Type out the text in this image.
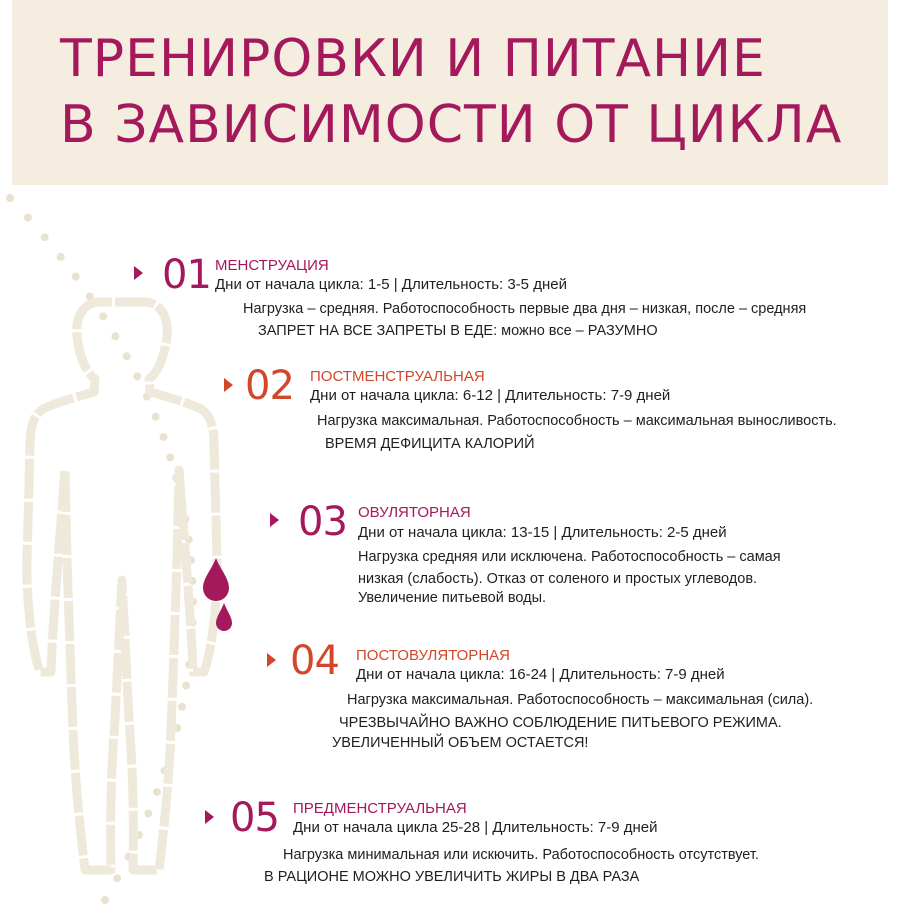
ТРЕНИРОВКИ И ПИТАНИЕ
В ЗАВИСИМОСТИ ОТ ЦИКЛА
01 МЕНСТРУАЦИЯ
Дни от начала цикла: 1-5 | Длительность: 3-5 дней
Нагрузка – средняя. Работоспособность первые два дня – низкая, после – средняя
ЗАПРЕТ НА ВСЕ ЗАПРЕТЫ В ЕДЕ: можно все – РАЗУМНО
02 ПОСТМЕНСТРУАЛЬНАЯ
Дни от начала цикла: 6-12 | Длительность: 7-9 дней
Нагрузка максимальная. Работоспособность – максимальная выносливость.
ВРЕМЯ ДЕФИЦИТА КАЛОРИЙ
03 ОВУЛЯТОРНАЯ
Дни от начала цикла: 13-15 | Длительность: 2-5 дней
Нагрузка средняя или исключена. Работоспособность – самая
низкая (слабость). Отказ от соленого и простых углеводов.
Увеличение питьевой воды.
04 ПОСТОВУЛЯТОРНАЯ
Дни от начала цикла: 16-24 | Длительность: 7-9 дней
Нагрузка максимальная. Работоспособность – максимальная (сила).
ЧРЕЗВЫЧАЙНО ВАЖНО СОБЛЮДЕНИЕ ПИТЬЕВОГО РЕЖИМА.
УВЕЛИЧЕННЫЙ ОБЪЕМ ОСТАЕТСЯ!
05 ПРЕДМЕНСТРУАЛЬНАЯ
Дни от начала цикла 25-28 | Длительность: 7-9 дней
Нагрузка минимальная или искючить. Работоспособность отсутствует.
В РАЦИОНЕ МОЖНО УВЕЛИЧИТЬ ЖИРЫ В ДВА РАЗА
